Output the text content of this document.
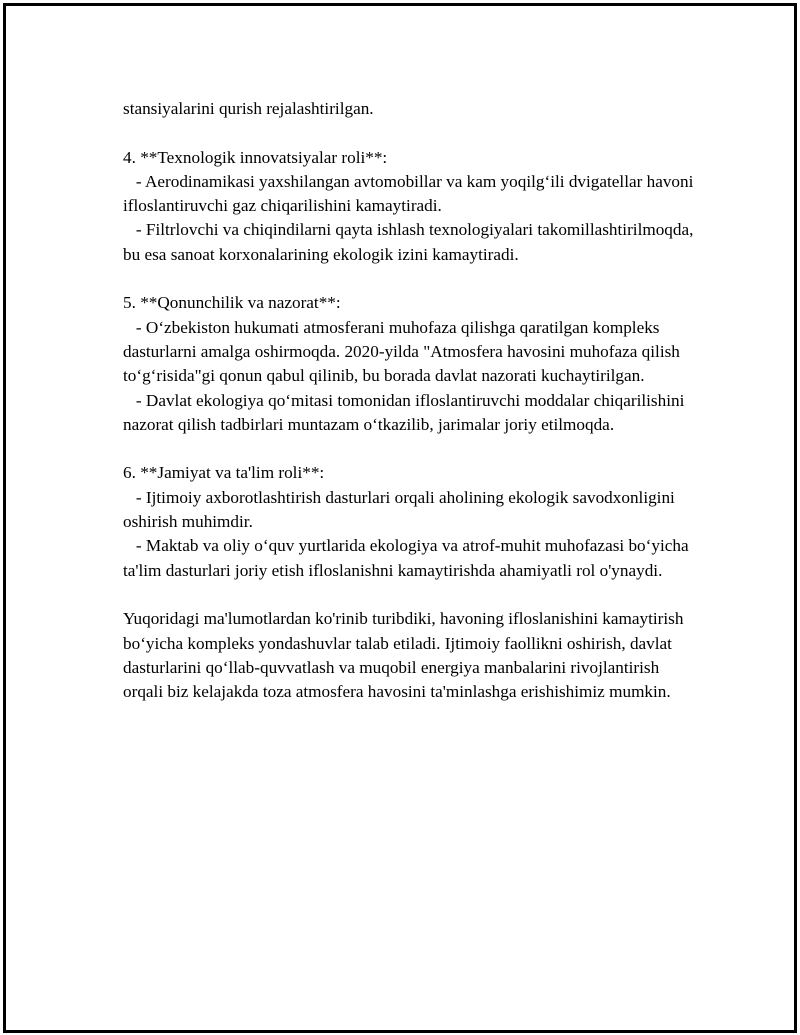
stansiyalarini qurish rejalashtirilgan.

4. **Texnologik innovatsiyalar roli**:

- Aerodinamikasi yaxshilangan avtomobillar va kam yoqilg‘ili dvigatellar havoni ifloslantiruvchi gaz chiqarilishini kamaytiradi.

- Filtrlovchi va chiqindilarni qayta ishlash texnologiyalari takomillashtirilmoqda, bu esa sanoat korxonalarining ekologik izini kamaytiradi.

5. **Qonunchilik va nazorat**:

- O‘zbekiston hukumati atmosferani muhofaza qilishga qaratilgan kompleks dasturlarni amalga oshirmoqda. 2020-yilda "Atmosfera havosini muhofaza qilish to‘g‘risida"gi qonun qabul qilinib, bu borada davlat nazorati kuchaytirilgan.

- Davlat ekologiya qo‘mitasi tomonidan ifloslantiruvchi moddalar chiqarilishini nazorat qilish tadbirlari muntazam o‘tkazilib, jarimalar joriy etilmoqda.

6. **Jamiyat va ta'lim roli**:

- Ijtimoiy axborotlashtirish dasturlari orqali aholining ekologik savodxonligini oshirish muhimdir.

- Maktab va oliy o‘quv yurtlarida ekologiya va atrof-muhit muhofazasi bo‘yicha ta'lim dasturlari joriy etish ifloslanishni kamaytirishda ahamiyatli rol o'ynaydi.

Yuqoridagi ma'lumotlardan ko'rinib turibdiki, havoning ifloslanishini kamaytirish bo‘yicha kompleks yondashuvlar talab etiladi. Ijtimoiy faollikni oshirish, davlat dasturlarini qo‘llab-quvvatlash va muqobil energiya manbalarini rivojlantirish orqali biz kelajakda toza atmosfera havosini ta'minlashga erishishimiz mumkin.
